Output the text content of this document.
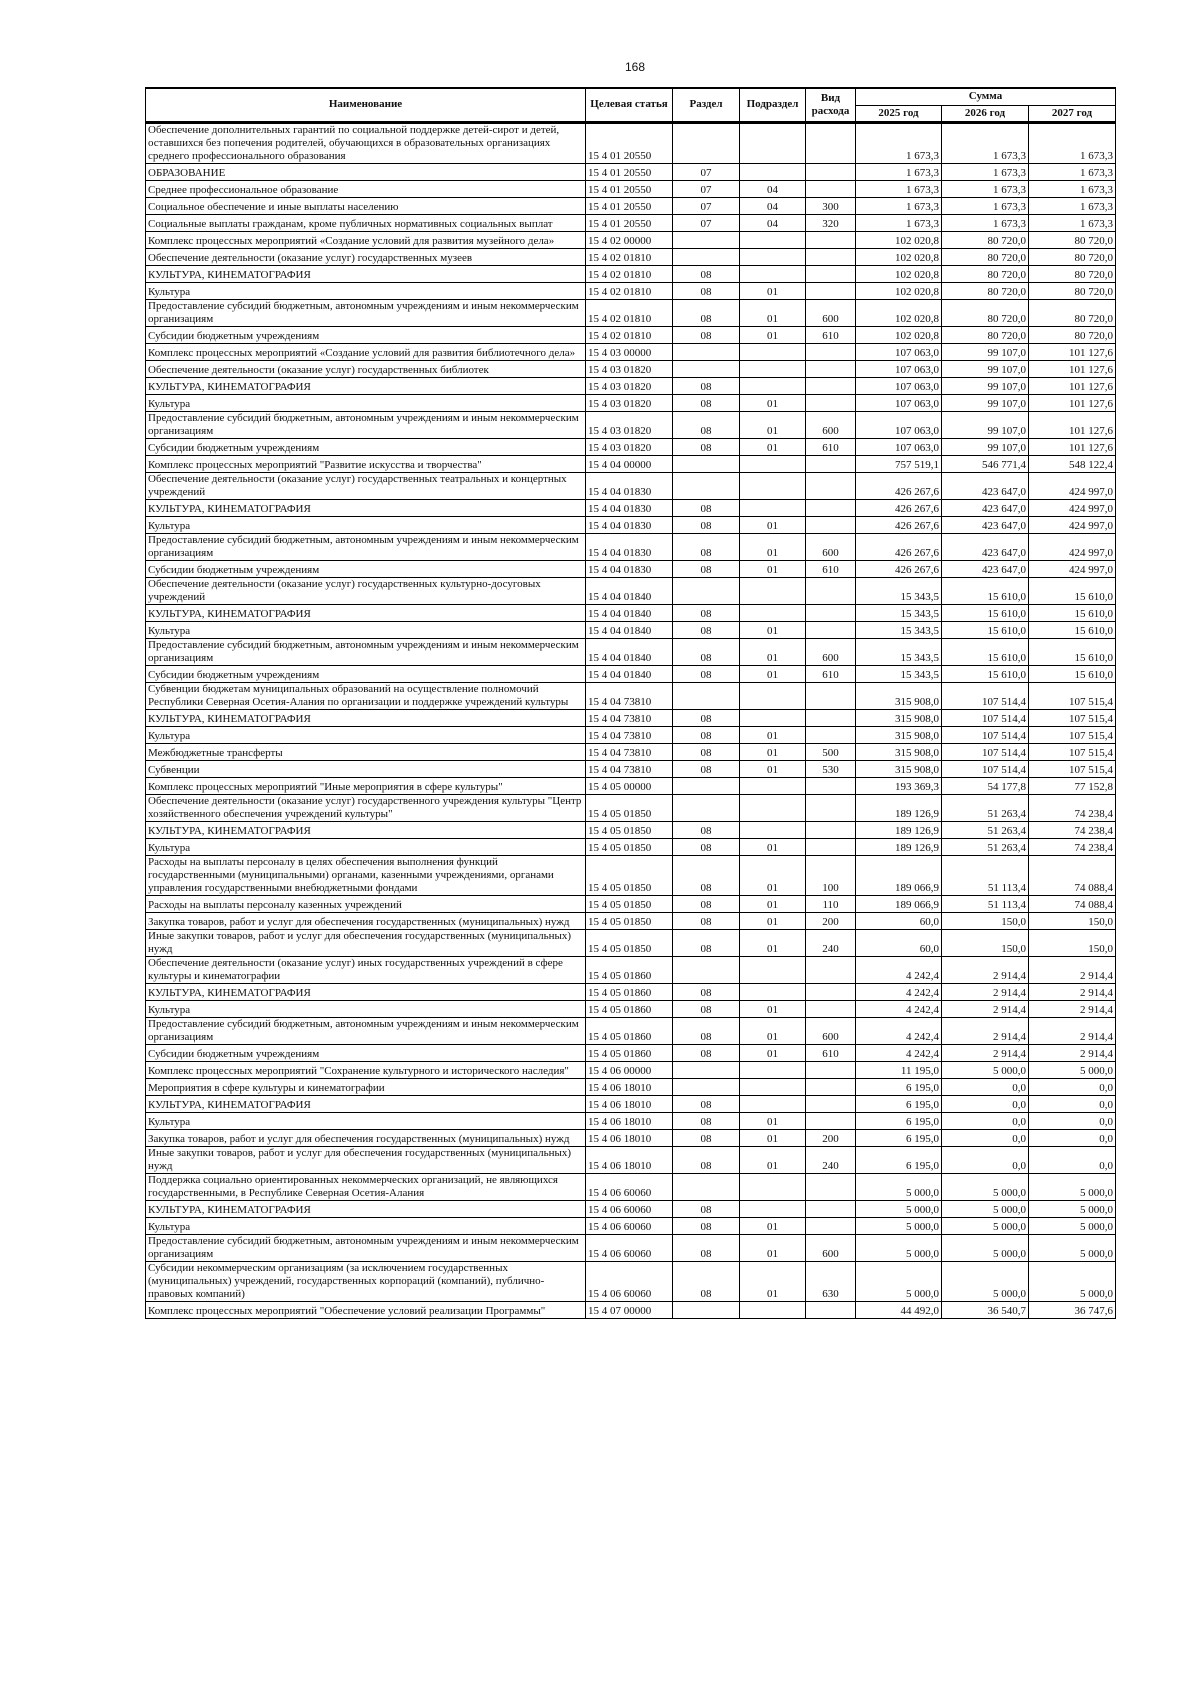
168
Наименование	Целевая статья	Раздел	Подраздел	Вид расхода	Сумма		
					2025 год	2026 год	2027 год
Обеспечение дополнительных гарантий по социальной поддержке детей-сирот и детей, оставшихся без попечения родителей, обучающихся в образовательных организациях среднего профессионального образования	15 4 01 20550				1 673,3	1 673,3	1 673,3
ОБРАЗОВАНИЕ	15 4 01 20550	07			1 673,3	1 673,3	1 673,3
Среднее профессиональное образование	15 4 01 20550	07	04		1 673,3	1 673,3	1 673,3
Социальное обеспечение и иные выплаты населению	15 4 01 20550	07	04	300	1 673,3	1 673,3	1 673,3
Социальные выплаты гражданам, кроме публичных нормативных социальных выплат	15 4 01 20550	07	04	320	1 673,3	1 673,3	1 673,3
Комплекс процессных мероприятий «Создание условий для развития музейного дела»	15 4 02 00000				102 020,8	80 720,0	80 720,0
Обеспечение деятельности (оказание услуг) государственных музеев	15 4 02 01810				102 020,8	80 720,0	80 720,0
КУЛЬТУРА, КИНЕМАТОГРАФИЯ	15 4 02 01810	08			102 020,8	80 720,0	80 720,0
Культура	15 4 02 01810	08	01		102 020,8	80 720,0	80 720,0
Предоставление субсидий бюджетным, автономным учреждениям и иным некоммерческим организациям	15 4 02 01810	08	01	600	102 020,8	80 720,0	80 720,0
Субсидии бюджетным учреждениям	15 4 02 01810	08	01	610	102 020,8	80 720,0	80 720,0
Комплекс процессных мероприятий «Создание условий для развития библиотечного дела»	15 4 03 00000				107 063,0	99 107,0	101 127,6
Обеспечение деятельности (оказание услуг) государственных библиотек	15 4 03 01820				107 063,0	99 107,0	101 127,6
КУЛЬТУРА, КИНЕМАТОГРАФИЯ	15 4 03 01820	08			107 063,0	99 107,0	101 127,6
Культура	15 4 03 01820	08	01		107 063,0	99 107,0	101 127,6
Предоставление субсидий бюджетным, автономным учреждениям и иным некоммерческим организациям	15 4 03 01820	08	01	600	107 063,0	99 107,0	101 127,6
Субсидии бюджетным учреждениям	15 4 03 01820	08	01	610	107 063,0	99 107,0	101 127,6
Комплекс процессных мероприятий "Развитие искусства и творчества"	15 4 04 00000				757 519,1	546 771,4	548 122,4
Обеспечение деятельности (оказание услуг) государственных театральных и концертных учреждений	15 4 04 01830				426 267,6	423 647,0	424 997,0
КУЛЬТУРА, КИНЕМАТОГРАФИЯ	15 4 04 01830	08			426 267,6	423 647,0	424 997,0
Культура	15 4 04 01830	08	01		426 267,6	423 647,0	424 997,0
Предоставление субсидий бюджетным, автономным учреждениям и иным некоммерческим организациям	15 4 04 01830	08	01	600	426 267,6	423 647,0	424 997,0
Субсидии бюджетным учреждениям	15 4 04 01830	08	01	610	426 267,6	423 647,0	424 997,0
Обеспечение деятельности (оказание услуг) государственных культурно-досуговых учреждений	15 4 04 01840				15 343,5	15 610,0	15 610,0
КУЛЬТУРА, КИНЕМАТОГРАФИЯ	15 4 04 01840	08			15 343,5	15 610,0	15 610,0
Культура	15 4 04 01840	08	01		15 343,5	15 610,0	15 610,0
Предоставление субсидий бюджетным, автономным учреждениям и иным некоммерческим организациям	15 4 04 01840	08	01	600	15 343,5	15 610,0	15 610,0
Субсидии бюджетным учреждениям	15 4 04 01840	08	01	610	15 343,5	15 610,0	15 610,0
Субвенции бюджетам муниципальных образований на осуществление полномочий Республики Северная Осетия-Алания по организации и поддержке учреждений культуры	15 4 04 73810				315 908,0	107 514,4	107 515,4
КУЛЬТУРА, КИНЕМАТОГРАФИЯ	15 4 04 73810	08			315 908,0	107 514,4	107 515,4
Культура	15 4 04 73810	08	01		315 908,0	107 514,4	107 515,4
Межбюджетные трансферты	15 4 04 73810	08	01	500	315 908,0	107 514,4	107 515,4
Субвенции	15 4 04 73810	08	01	530	315 908,0	107 514,4	107 515,4
Комплекс процессных мероприятий "Иные мероприятия в сфере культуры"	15 4 05 00000				193 369,3	54 177,8	77 152,8
Обеспечение деятельности (оказание услуг) государственного учреждения культуры "Центр хозяйственного обеспечения учреждений культуры"	15 4 05 01850				189 126,9	51 263,4	74 238,4
КУЛЬТУРА, КИНЕМАТОГРАФИЯ	15 4 05 01850	08			189 126,9	51 263,4	74 238,4
Культура	15 4 05 01850	08	01		189 126,9	51 263,4	74 238,4
Расходы на выплаты персоналу в целях обеспечения выполнения функций государственными (муниципальными) органами, казенными учреждениями, органами управления государственными внебюджетными фондами	15 4 05 01850	08	01	100	189 066,9	51 113,4	74 088,4
Расходы на выплаты персоналу казенных учреждений	15 4 05 01850	08	01	110	189 066,9	51 113,4	74 088,4
Закупка товаров, работ и услуг для обеспечения государственных (муниципальных) нужд	15 4 05 01850	08	01	200	60,0	150,0	150,0
Иные закупки товаров, работ и услуг для обеспечения государственных (муниципальных) нужд	15 4 05 01850	08	01	240	60,0	150,0	150,0
Обеспечение деятельности (оказание услуг) иных государственных учреждений в сфере культуры и кинематографии	15 4 05 01860				4 242,4	2 914,4	2 914,4
КУЛЬТУРА, КИНЕМАТОГРАФИЯ	15 4 05 01860	08			4 242,4	2 914,4	2 914,4
Культура	15 4 05 01860	08	01		4 242,4	2 914,4	2 914,4
Предоставление субсидий бюджетным, автономным учреждениям и иным некоммерческим организациям	15 4 05 01860	08	01	600	4 242,4	2 914,4	2 914,4
Субсидии бюджетным учреждениям	15 4 05 01860	08	01	610	4 242,4	2 914,4	2 914,4
Комплекс процессных мероприятий "Сохранение культурного и исторического наследия"	15 4 06 00000				11 195,0	5 000,0	5 000,0
Мероприятия в сфере культуры и кинематографии	15 4 06 18010				6 195,0	0,0	0,0
КУЛЬТУРА, КИНЕМАТОГРАФИЯ	15 4 06 18010	08			6 195,0	0,0	0,0
Культура	15 4 06 18010	08	01		6 195,0	0,0	0,0
Закупка товаров, работ и услуг для обеспечения государственных (муниципальных) нужд	15 4 06 18010	08	01	200	6 195,0	0,0	0,0
Иные закупки товаров, работ и услуг для обеспечения государственных (муниципальных) нужд	15 4 06 18010	08	01	240	6 195,0	0,0	0,0
Поддержка социально ориентированных некоммерческих организаций, не являющихся государственными, в Республике Северная Осетия-Алания	15 4 06 60060				5 000,0	5 000,0	5 000,0
КУЛЬТУРА, КИНЕМАТОГРАФИЯ	15 4 06 60060	08			5 000,0	5 000,0	5 000,0
Культура	15 4 06 60060	08	01		5 000,0	5 000,0	5 000,0
Предоставление субсидий бюджетным, автономным учреждениям и иным некоммерческим организациям	15 4 06 60060	08	01	600	5 000,0	5 000,0	5 000,0
Субсидии некоммерческим организациям (за исключением государственных (муниципальных) учреждений, государственных корпораций (компаний), публично-правовых компаний)	15 4 06 60060	08	01	630	5 000,0	5 000,0	5 000,0
Комплекс процессных мероприятий "Обеспечение условий реализации Программы"	15 4 07 00000				44 492,0	36 540,7	36 747,6
